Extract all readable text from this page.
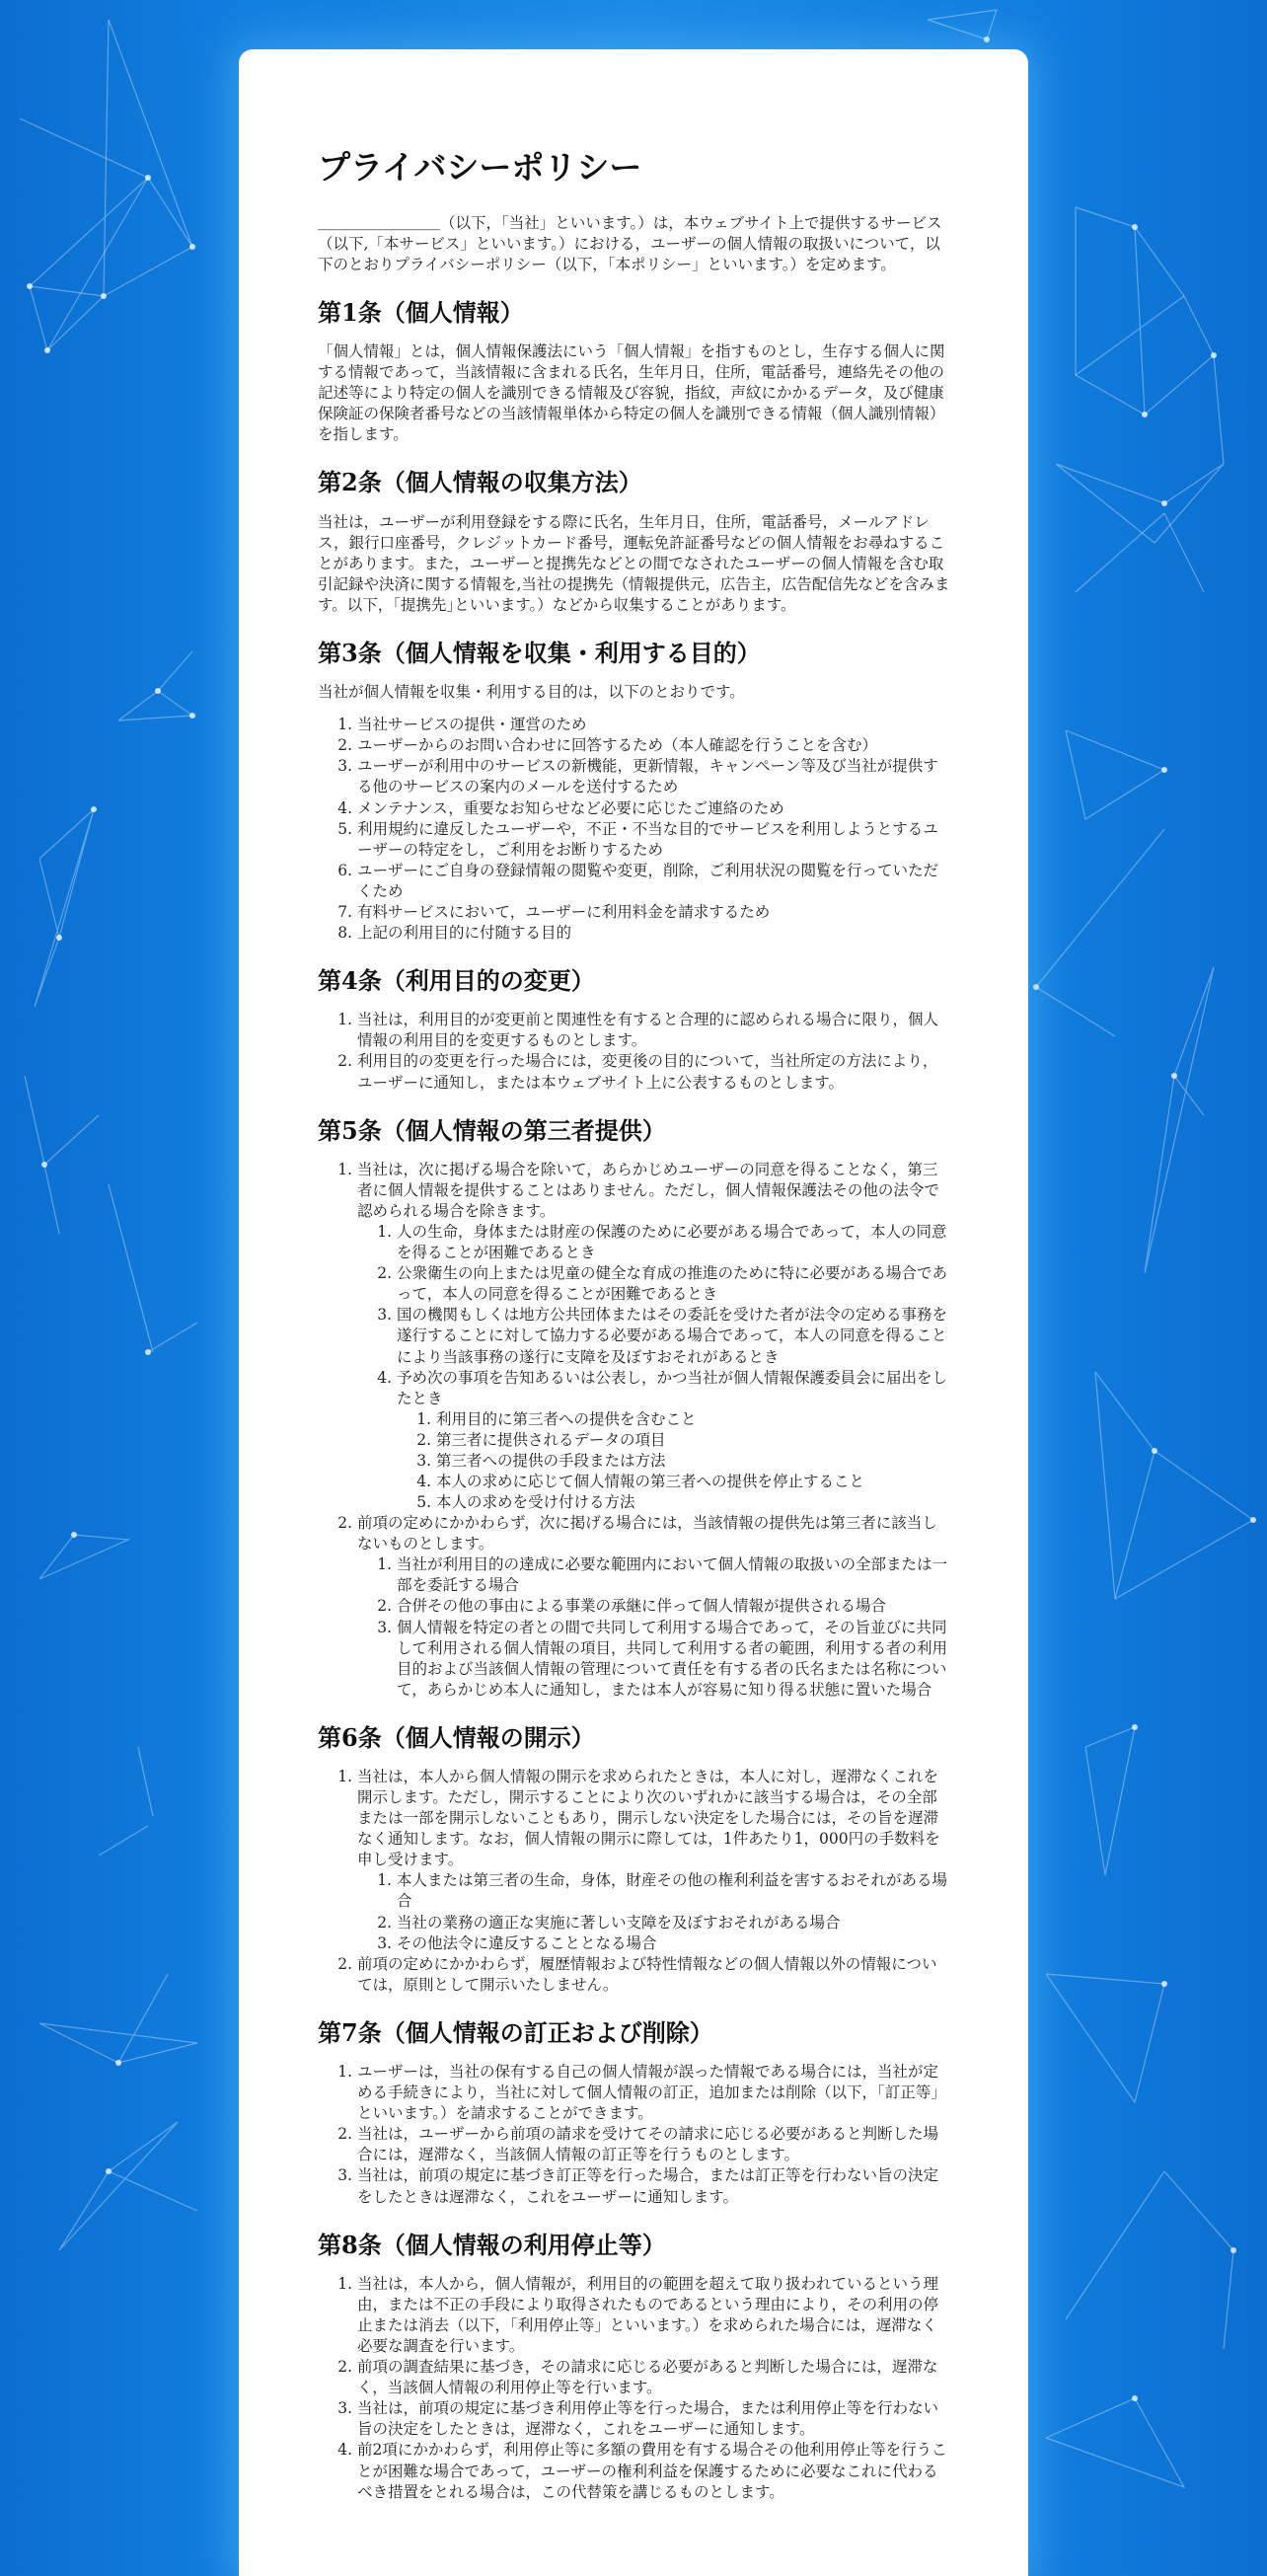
プライバシーポリシー

＿＿＿＿＿＿＿＿（以下，「当社」といいます。）は，本ウェブサイト上で提供するサービス（以下,「本サービス」といいます。）における，ユーザーの個人情報の取扱いについて，以下のとおりプライバシーポリシー（以下，「本ポリシー」といいます。）を定めます。

第1条（個人情報）

「個人情報」とは，個人情報保護法にいう「個人情報」を指すものとし，生存する個人に関する情報であって，当該情報に含まれる氏名，生年月日，住所，電話番号，連絡先その他の記述等により特定の個人を識別できる情報及び容貌，指紋，声紋にかかるデータ，及び健康保険証の保険者番号などの当該情報単体から特定の個人を識別できる情報（個人識別情報）を指します。

第2条（個人情報の収集方法）

当社は，ユーザーが利用登録をする際に氏名，生年月日，住所，電話番号，メールアドレス，銀行口座番号，クレジットカード番号，運転免許証番号などの個人情報をお尋ねすることがあります。また，ユーザーと提携先などとの間でなされたユーザーの個人情報を含む取引記録や決済に関する情報を,当社の提携先（情報提供元，広告主，広告配信先などを含みます。以下，｢提携先｣といいます。）などから収集することがあります。

第3条（個人情報を収集・利用する目的）

当社が個人情報を収集・利用する目的は，以下のとおりです。

1. 当社サービスの提供・運営のため
2. ユーザーからのお問い合わせに回答するため（本人確認を行うことを含む）
3. ユーザーが利用中のサービスの新機能，更新情報，キャンペーン等及び当社が提供する他のサービスの案内のメールを送付するため
4. メンテナンス，重要なお知らせなど必要に応じたご連絡のため
5. 利用規約に違反したユーザーや，不正・不当な目的でサービスを利用しようとするユーザーの特定をし，ご利用をお断りするため
6. ユーザーにご自身の登録情報の閲覧や変更，削除，ご利用状況の閲覧を行っていただくため
7. 有料サービスにおいて，ユーザーに利用料金を請求するため
8. 上記の利用目的に付随する目的
第4条（利用目的の変更）
1. 当社は，利用目的が変更前と関連性を有すると合理的に認められる場合に限り，個人情報の利用目的を変更するものとします。
2. 利用目的の変更を行った場合には，変更後の目的について，当社所定の方法により，ユーザーに通知し，または本ウェブサイト上に公表するものとします。
第5条（個人情報の第三者提供）
1. 当社は，次に掲げる場合を除いて，あらかじめユーザーの同意を得ることなく，第三者に個人情報を提供することはありません。ただし，個人情報保護法その他の法令で認められる場合を除きます。
1. 人の生命，身体または財産の保護のために必要がある場合であって，本人の同意を得ることが困難であるとき
2. 公衆衛生の向上または児童の健全な育成の推進のために特に必要がある場合であって，本人の同意を得ることが困難であるとき
3. 国の機関もしくは地方公共団体またはその委託を受けた者が法令の定める事務を遂行することに対して協力する必要がある場合であって，本人の同意を得ることにより当該事務の遂行に支障を及ぼすおそれがあるとき
4. 予め次の事項を告知あるいは公表し，かつ当社が個人情報保護委員会に届出をしたとき
1. 利用目的に第三者への提供を含むこと
2. 第三者に提供されるデータの項目
3. 第三者への提供の手段または方法
4. 本人の求めに応じて個人情報の第三者への提供を停止すること
5. 本人の求めを受け付ける方法
2. 前項の定めにかかわらず，次に掲げる場合には，当該情報の提供先は第三者に該当しないものとします。
1. 当社が利用目的の達成に必要な範囲内において個人情報の取扱いの全部または一部を委託する場合
2. 合併その他の事由による事業の承継に伴って個人情報が提供される場合
3. 個人情報を特定の者との間で共同して利用する場合であって，その旨並びに共同して利用される個人情報の項目，共同して利用する者の範囲，利用する者の利用目的および当該個人情報の管理について責任を有する者の氏名または名称について，あらかじめ本人に通知し，または本人が容易に知り得る状態に置いた場合
第6条（個人情報の開示）
1. 当社は，本人から個人情報の開示を求められたときは，本人に対し，遅滞なくこれを開示します。ただし，開示することにより次のいずれかに該当する場合は，その全部または一部を開示しないこともあり，開示しない決定をした場合には，その旨を遅滞なく通知します。なお，個人情報の開示に際しては，1件あたり1，000円の手数料を申し受けます。
1. 本人または第三者の生命，身体，財産その他の権利利益を害するおそれがある場合
2. 当社の業務の適正な実施に著しい支障を及ぼすおそれがある場合
3. その他法令に違反することとなる場合
2. 前項の定めにかかわらず，履歴情報および特性情報などの個人情報以外の情報については，原則として開示いたしません。
第7条（個人情報の訂正および削除）
1. ユーザーは，当社の保有する自己の個人情報が誤った情報である場合には，当社が定める手続きにより，当社に対して個人情報の訂正，追加または削除（以下，「訂正等」といいます。）を請求することができます。
2. 当社は，ユーザーから前項の請求を受けてその請求に応じる必要があると判断した場合には，遅滞なく，当該個人情報の訂正等を行うものとします。
3. 当社は，前項の規定に基づき訂正等を行った場合，または訂正等を行わない旨の決定をしたときは遅滞なく，これをユーザーに通知します。
第8条（個人情報の利用停止等）
1. 当社は，本人から，個人情報が，利用目的の範囲を超えて取り扱われているという理由，または不正の手段により取得されたものであるという理由により，その利用の停止または消去（以下，「利用停止等」といいます。）を求められた場合には，遅滞なく必要な調査を行います。
2. 前項の調査結果に基づき，その請求に応じる必要があると判断した場合には，遅滞なく，当該個人情報の利用停止等を行います。
3. 当社は，前項の規定に基づき利用停止等を行った場合，または利用停止等を行わない旨の決定をしたときは，遅滞なく，これをユーザーに通知します。
4. 前2項にかかわらず，利用停止等に多額の費用を有する場合その他利用停止等を行うことが困難な場合であって，ユーザーの権利利益を保護するために必要なこれに代わるべき措置をとれる場合は，この代替策を講じるものとします。
